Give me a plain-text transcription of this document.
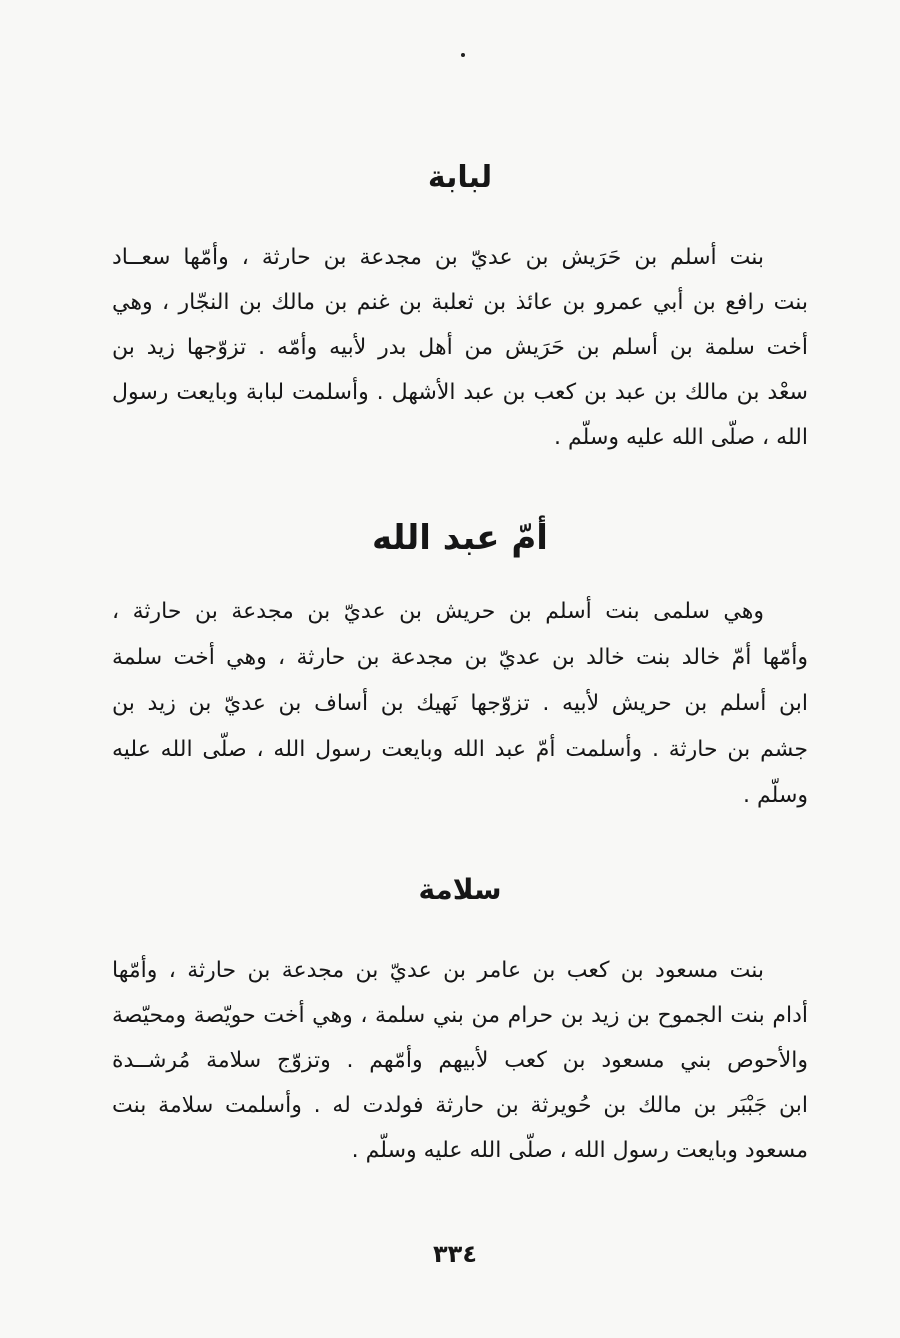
لبابة
بنت أسلم بن حَرَيش بن عديّ بن مجدعة بن حارثة ، وأمّها سعــاد
بنت رافع بن أبي عمرو بن عائذ بن ثعلبة بن غنم بن مالك بن النجّار ، وهي
أخت سلمة بن أسلم بن حَرَيش من أهل بدر لأبيه وأمّه . تزوّجها زيد بن
سعْد بن مالك بن عبد بن كعب بن عبد الأشهل . وأسلمت لبابة وبايعت رسول
الله ، صلّى الله عليه وسلّم .
أمّ عبد الله
وهي سلمى بنت أسلم بن حريش بن عديّ بن مجدعة بن حارثة ،
وأمّها أمّ خالد بنت خالد بن عديّ بن مجدعة بن حارثة ، وهي أخت سلمة
ابن أسلم بن حريش لأبيه . تزوّجها نَهيك بن أساف بن عديّ بن زيد بن
جشم بن حارثة . وأسلمت أمّ عبد الله وبايعت رسول الله ، صلّى الله عليه
وسلّم .
سلامة
بنت مسعود بن كعب بن عامر بن عديّ بن مجدعة بن حارثة ، وأمّها
أدام بنت الجموح بن زيد بن حرام من بني سلمة ، وهي أخت حويّصة ومحيّصة
والأحوص بني مسعود بن كعب لأبيهم وأمّهم . وتزوّج سلامة مُرشــدة
ابن جَبْبَر بن مالك بن حُويرثة بن حارثة فولدت له . وأسلمت سلامة بنت
مسعود وبايعت رسول الله ، صلّى الله عليه وسلّم .
٣٣٤
